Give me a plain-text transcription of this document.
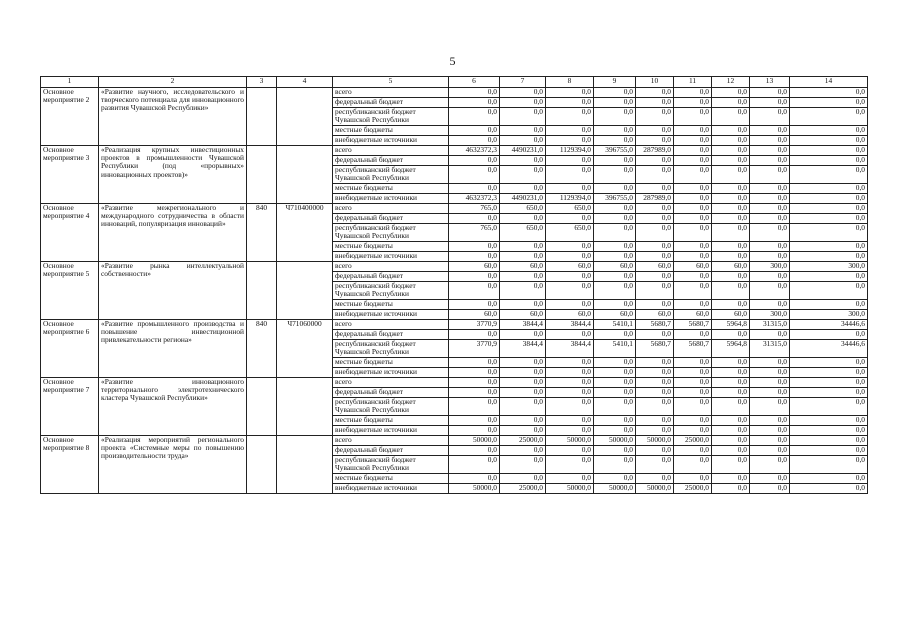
5
1	2	3	4	5	6	7	8	9	10	11	12	13	14
Основное мероприятие 2	«Развитие научного, исследовательского и творческого потенциала для инновационного развития Чувашской Республики»			всего	0,0	0,0	0,0	0,0	0,0	0,0	0,0	0,0	0,0
				федеральный бюджет	0,0	0,0	0,0	0,0	0,0	0,0	0,0	0,0	0,0
				республиканский бюджет Чувашской Республики	0,0	0,0	0,0	0,0	0,0	0,0	0,0	0,0	0,0
				местные бюджеты	0,0	0,0	0,0	0,0	0,0	0,0	0,0	0,0	0,0
				внебюджетные источники	0,0	0,0	0,0	0,0	0,0	0,0	0,0	0,0	0,0
Основное мероприятие 3	«Реализация крупных инвестиционных проектов в промышленности Чувашской Республики (под «прорывных» инновационных проектов)»			всего	4632372,3	4490231,0	1129394,0	396755,0	287989,0	0,0	0,0	0,0	0,0
				федеральный бюджет	0,0	0,0	0,0	0,0	0,0	0,0	0,0	0,0	0,0
				республиканский бюджет Чувашской Республики	0,0	0,0	0,0	0,0	0,0	0,0	0,0	0,0	0,0
				местные бюджеты	0,0	0,0	0,0	0,0	0,0	0,0	0,0	0,0	0,0
				внебюджетные источники	4632372,3	4490231,0	1129394,0	396755,0	287989,0	0,0	0,0	0,0	0,0
Основное мероприятие 4	«Развитие межрегионального и международного сотрудничества в области инноваций, популяризация инноваций»	840	Ч710400000	всего	765,0	650,0	650,0	0,0	0,0	0,0	0,0	0,0	0,0
				федеральный бюджет	0,0	0,0	0,0	0,0	0,0	0,0	0,0	0,0	0,0
				республиканский бюджет Чувашской Республики	765,0	650,0	650,0	0,0	0,0	0,0	0,0	0,0	0,0
				местные бюджеты	0,0	0,0	0,0	0,0	0,0	0,0	0,0	0,0	0,0
				внебюджетные источники	0,0	0,0	0,0	0,0	0,0	0,0	0,0	0,0	0,0
Основное мероприятие 5	«Развитие рынка интеллектуальной собственности»			всего	60,0	60,0	60,0	60,0	60,0	60,0	60,0	300,0	300,0
				федеральный бюджет	0,0	0,0	0,0	0,0	0,0	0,0	0,0	0,0	0,0
				республиканский бюджет Чувашской Республики	0,0	0,0	0,0	0,0	0,0	0,0	0,0	0,0	0,0
				местные бюджеты	0,0	0,0	0,0	0,0	0,0	0,0	0,0	0,0	0,0
				внебюджетные источники	60,0	60,0	60,0	60,0	60,0	60,0	60,0	300,0	300,0
Основное мероприятие 6	«Развитие промышленного производства и повышение инвестиционной привлекательности региона»	840	Ч71060000	всего	3770,9	3844,4	3844,4	5410,1	5680,7	5680,7	5964,8	31315,0	34446,6
				федеральный бюджет	0,0	0,0	0,0	0,0	0,0	0,0	0,0	0,0	0,0
				республиканский бюджет Чувашской Республики	3770,9	3844,4	3844,4	5410,1	5680,7	5680,7	5964,8	31315,0	34446,6
				местные бюджеты	0,0	0,0	0,0	0,0	0,0	0,0	0,0	0,0	0,0
				внебюджетные источники	0,0	0,0	0,0	0,0	0,0	0,0	0,0	0,0	0,0
Основное мероприятие 7	«Развитие инновационного территориального электротехнического кластера Чувашской Республики»			всего	0,0	0,0	0,0	0,0	0,0	0,0	0,0	0,0	0,0
				федеральный бюджет	0,0	0,0	0,0	0,0	0,0	0,0	0,0	0,0	0,0
				республиканский бюджет Чувашской Республики	0,0	0,0	0,0	0,0	0,0	0,0	0,0	0,0	0,0
				местные бюджеты	0,0	0,0	0,0	0,0	0,0	0,0	0,0	0,0	0,0
				внебюджетные источники	0,0	0,0	0,0	0,0	0,0	0,0	0,0	0,0	0,0
Основное мероприятие 8	«Реализация мероприятий регионального проекта «Системные меры по повышению производительности труда»			всего	50000,0	25000,0	50000,0	50000,0	50000,0	25000,0	0,0	0,0	0,0
				федеральный бюджет	0,0	0,0	0,0	0,0	0,0	0,0	0,0	0,0	0,0
				республиканский бюджет Чувашской Республики	0,0	0,0	0,0	0,0	0,0	0,0	0,0	0,0	0,0
				местные бюджеты	0,0	0,0	0,0	0,0	0,0	0,0	0,0	0,0	0,0
				внебюджетные источники	50000,0	25000,0	50000,0	50000,0	50000,0	25000,0	0,0	0,0	0,0
